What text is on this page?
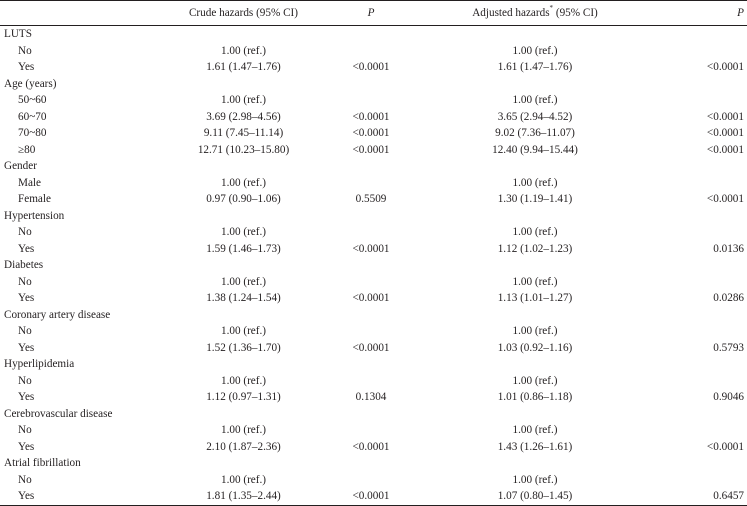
	Crude hazards (95% CI)	P	Adjusted hazards* (95% CI)	P
LUTS				
No	1.00 (ref.)		1.00 (ref.)	
Yes	1.61 (1.47–1.76)	<0.0001	1.61 (1.47–1.76)	<0.0001
Age (years)				
50~60	1.00 (ref.)		1.00 (ref.)	
60~70	3.69 (2.98–4.56)	<0.0001	3.65 (2.94–4.52)	<0.0001
70~80	9.11 (7.45–11.14)	<0.0001	9.02 (7.36–11.07)	<0.0001
≥80	12.71 (10.23–15.80)	<0.0001	12.40 (9.94–15.44)	<0.0001
Gender				
Male	1.00 (ref.)		1.00 (ref.)	
Female	0.97 (0.90–1.06)	0.5509	1.30 (1.19–1.41)	<0.0001
Hypertension				
No	1.00 (ref.)		1.00 (ref.)	
Yes	1.59 (1.46–1.73)	<0.0001	1.12 (1.02–1.23)	0.0136
Diabetes				
No	1.00 (ref.)		1.00 (ref.)	
Yes	1.38 (1.24–1.54)	<0.0001	1.13 (1.01–1.27)	0.0286
Coronary artery disease				
No	1.00 (ref.)		1.00 (ref.)	
Yes	1.52 (1.36–1.70)	<0.0001	1.03 (0.92–1.16)	0.5793
Hyperlipidemia				
No	1.00 (ref.)		1.00 (ref.)	
Yes	1.12 (0.97–1.31)	0.1304	1.01 (0.86–1.18)	0.9046
Cerebrovascular disease				
No	1.00 (ref.)		1.00 (ref.)	
Yes	2.10 (1.87–2.36)	<0.0001	1.43 (1.26–1.61)	<0.0001
Atrial fibrillation				
No	1.00 (ref.)		1.00 (ref.)	
Yes	1.81 (1.35–2.44)	<0.0001	1.07 (0.80–1.45)	0.6457
